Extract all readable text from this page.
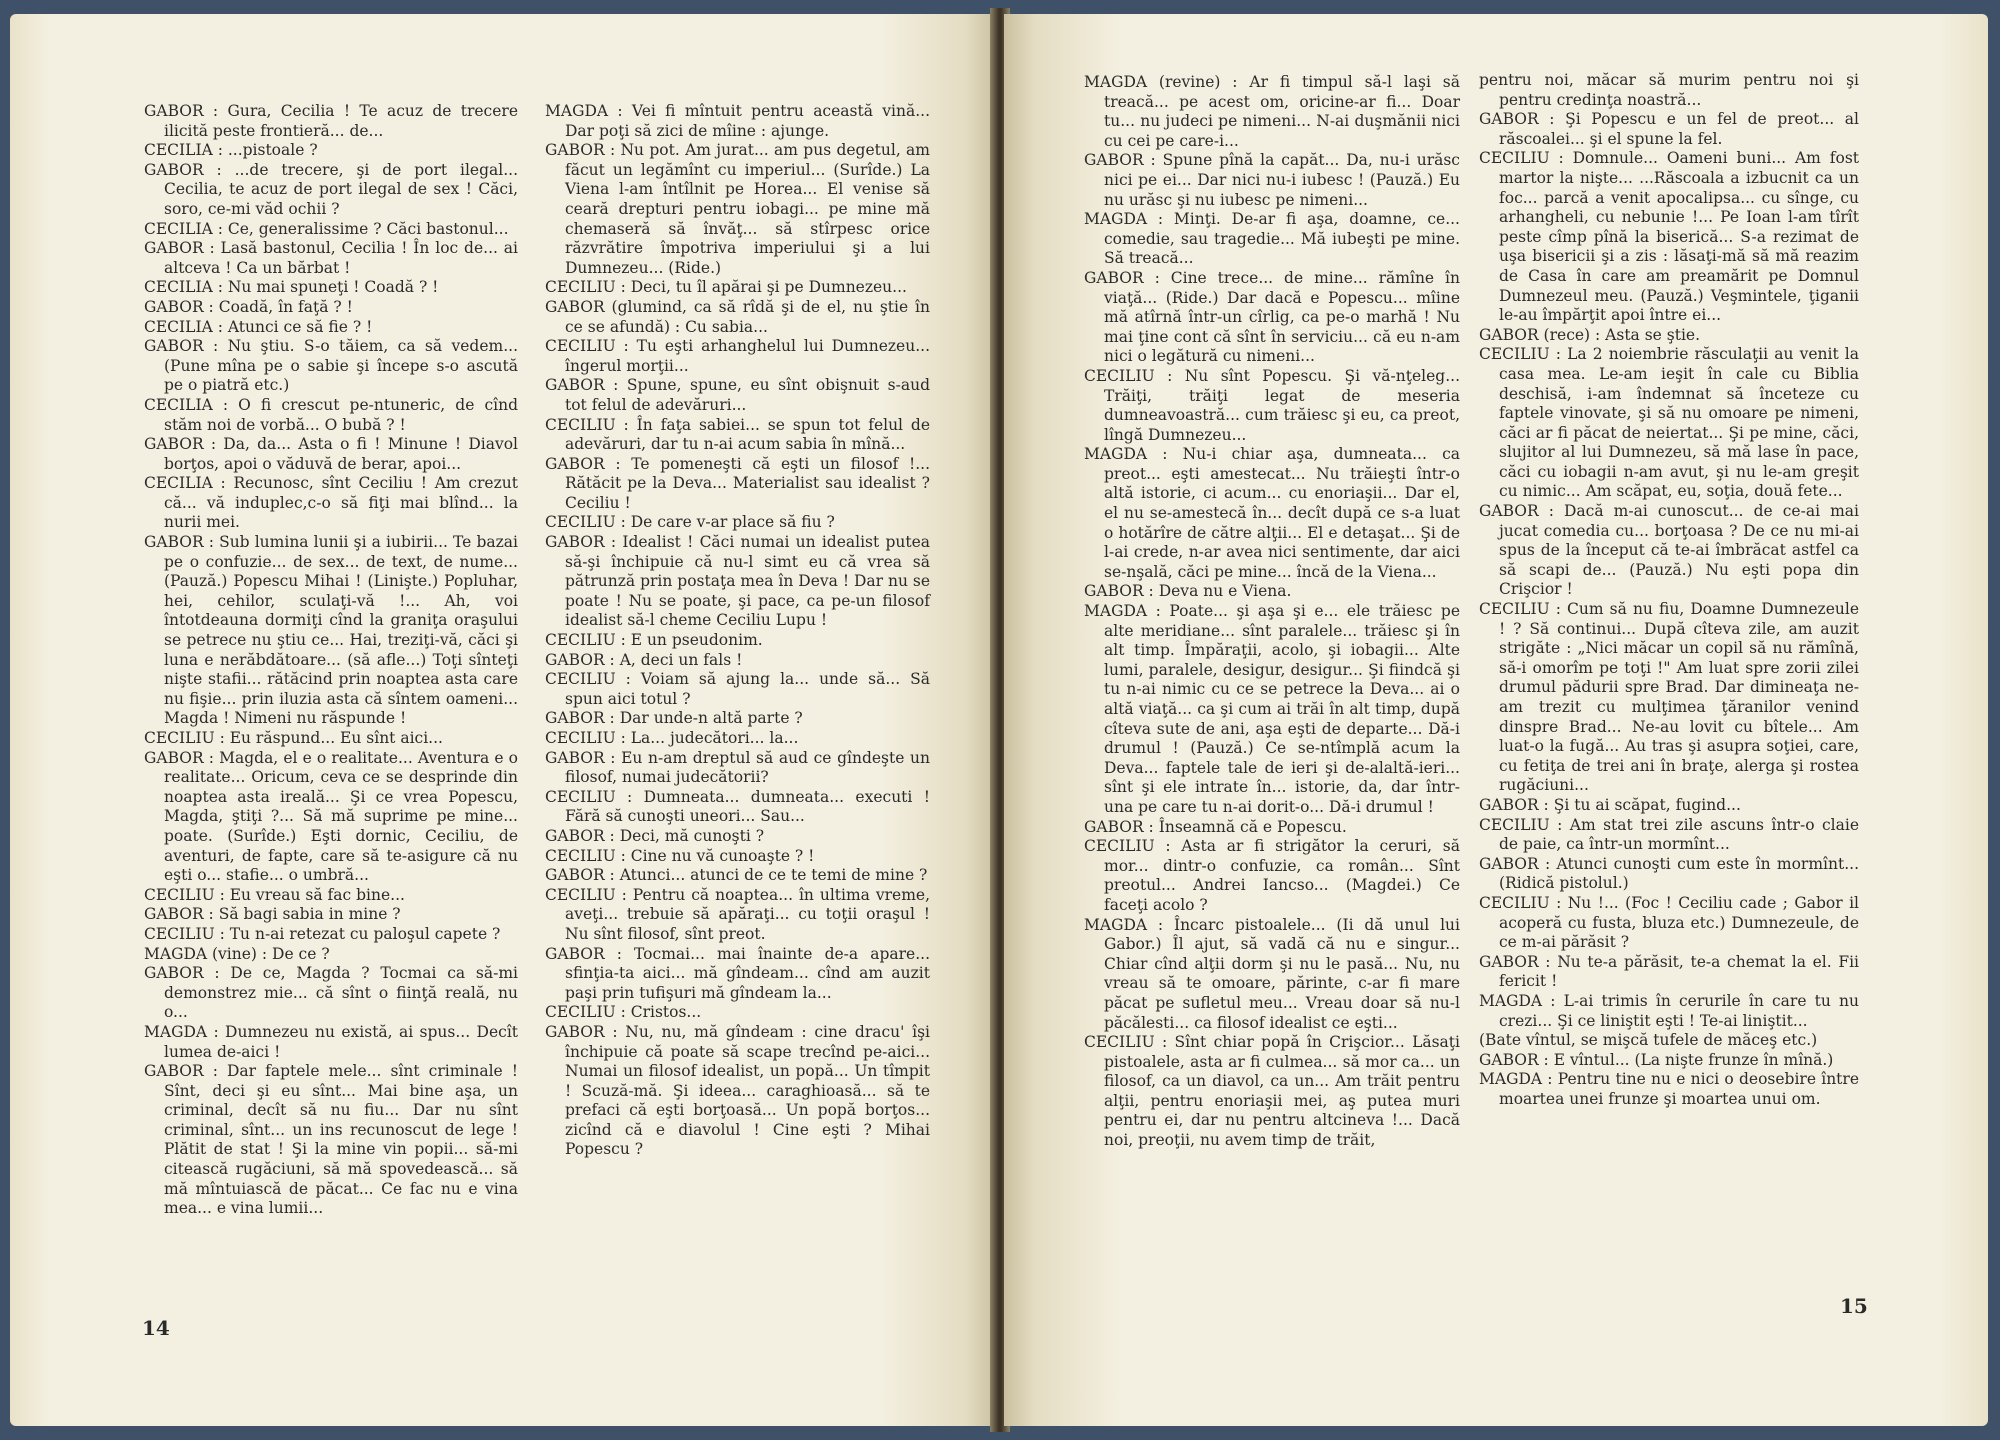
GABOR : Gura, Cecilia ! Te acuz de trecere ilicită peste frontieră... de...

CECILIA : ...pistoale ?

GABOR : ...de trecere, şi de port ilegal... Cecilia, te acuz de port ilegal de sex ! Căci, soro, ce-mi văd ochii ?

CECILIA : Ce, generalissime ? Căci bastonul...

GABOR : Lasă bastonul, Cecilia ! În loc de... ai altceva ! Ca un bărbat !

CECILIA : Nu mai spuneţi ! Coadă ? !

GABOR : Coadă, în faţă ? !

CECILIA : Atunci ce să fie ? !

GABOR : Nu ştiu. S-o tăiem, ca să vedem... (Pune mîna pe o sabie şi începe s-o ascută pe o piatră etc.)

CECILIA : O fi crescut pe-ntuneric, de cînd stăm noi de vorbă... O bubă ? !

GABOR : Da, da... Asta o fi ! Minune ! Diavol borţos, apoi o văduvă de berar, apoi...

CECILIA : Recunosc, sînt Ceciliu ! Am crezut că... vă induplec,c-o să fiţi mai blînd... la nurii mei.

GABOR : Sub lumina lunii şi a iubirii... Te bazai pe o confuzie... de sex... de text, de nume... (Pauză.) Popescu Mihai ! (Linişte.) Popluhar, hei, cehilor, sculaţi-vă !... Ah, voi întotdeauna dormiţi cînd la graniţa oraşului se petrece nu ştiu ce... Hai, treziţi-vă, căci şi luna e nerăbdătoare... (să afle...) Toţi sînteţi nişte stafii... rătăcind prin noaptea asta care nu fişie... prin iluzia asta că sîntem oameni... Magda ! Nimeni nu răspunde !

CECILIU : Eu răspund... Eu sînt aici...

GABOR : Magda, el e o realitate... Aventura e o realitate... Oricum, ceva ce se desprinde din noaptea asta ireală... Şi ce vrea Popescu, Magda, ştiţi ?... Să mă suprime pe mine... poate. (Surîde.) Eşti dornic, Ceciliu, de aventuri, de fapte, care să te-asigure că nu eşti o... stafie... o umbră...

CECILIU : Eu vreau să fac bine...

GABOR : Să bagi sabia in mine ?

CECILIU : Tu n-ai retezat cu paloşul capete ?

MAGDA (vine) : De ce ?

GABOR : De ce, Magda ? Tocmai ca să-mi demonstrez mie... că sînt o fiinţă reală, nu o...

MAGDA : Dumnezeu nu există, ai spus... Decît lumea de-aici !

GABOR : Dar faptele mele... sînt criminale ! Sînt, deci şi eu sînt... Mai bine aşa, un criminal, decît să nu fiu... Dar nu sînt criminal, sînt... un ins recunoscut de lege ! Plătit de stat ! Şi la mine vin popii... să-mi citească rugăciuni, să mă spovedească... să mă mîntuiască de păcat... Ce fac nu e vina mea... e vina lumii...

MAGDA : Vei fi mîntuit pentru această vină... Dar poţi să zici de mîine : ajunge.

GABOR : Nu pot. Am jurat... am pus degetul, am făcut un legămînt cu imperiul... (Surîde.) La Viena l-am întîlnit pe Horea... El venise să ceară drepturi pentru iobagi... pe mine mă chemaseră să învăţ... să stîrpesc orice răzvrătire împotriva imperiului şi a lui Dumnezeu... (Ride.)

CECILIU : Deci, tu îl apărai şi pe Dumnezeu...

GABOR (glumind, ca să rîdă şi de el, nu ştie în ce se afundă) : Cu sabia...

CECILIU : Tu eşti arhanghelul lui Dumnezeu... îngerul morţii...

GABOR : Spune, spune, eu sînt obişnuit s-aud tot felul de adevăruri...

CECILIU : În faţa sabiei... se spun tot felul de adevăruri, dar tu n-ai acum sabia în mînă...

GABOR : Te pomeneşti că eşti un filosof !... Rătăcit pe la Deva... Materialist sau idealist ? Ceciliu !

CECILIU : De care v-ar place să fiu ?

GABOR : Idealist ! Căci numai un idealist putea să-şi închipuie că nu-l simt eu că vrea să pătrunză prin postaţa mea în Deva ! Dar nu se poate ! Nu se poate, şi pace, ca pe-un filosof idealist să-l cheme Ceciliu Lupu !

CECILIU : E un pseudonim.

GABOR : A, deci un fals !

CECILIU : Voiam să ajung la... unde să... Să spun aici totul ?

GABOR : Dar unde-n altă parte ?

CECILIU : La... judecători... la...

GABOR : Eu n-am dreptul să aud ce gîndeşte un filosof, numai judecătorii?

CECILIU : Dumneata... dumneata... executi ! Fără să cunoşti uneori... Sau...

GABOR : Deci, mă cunoşti ?

CECILIU : Cine nu vă cunoaşte ? !

GABOR : Atunci... atunci de ce te temi de mine ?

CECILIU : Pentru că noaptea... în ultima vreme, aveţi... trebuie să apăraţi... cu toţii oraşul ! Nu sînt filosof, sînt preot.

GABOR : Tocmai... mai înainte de-a apare... sfinţia-ta aici... mă gîndeam... cînd am auzit paşi prin tufişuri mă gîndeam la...

CECILIU : Cristos...

GABOR : Nu, nu, mă gîndeam : cine dracu' îşi închipuie că poate să scape trecînd pe-aici... Numai un filosof idealist, un popă... Un tîmpit ! Scuză-mă. Şi ideea... caraghioasă... să te prefaci că eşti borţoasă... Un popă borţos... zicînd că e diavolul ! Cine eşti ? Mihai Popescu ?

14

MAGDA (revine) : Ar fi timpul să-l laşi să treacă... pe acest om, oricine-ar fi... Doar tu... nu judeci pe nimeni... N-ai duşmănii nici cu cei pe care-i...

GABOR : Spune pînă la capăt... Da, nu-i urăsc nici pe ei... Dar nici nu-i iubesc ! (Pauză.) Eu nu urăsc şi nu iubesc pe nimeni...

MAGDA : Minţi. De-ar fi aşa, doamne, ce... comedie, sau tragedie... Mă iubeşti pe mine. Să treacă...

GABOR : Cine trece... de mine... rămîne în viaţă... (Ride.) Dar dacă e Popescu... mîine mă atîrnă într-un cîrlig, ca pe-o marhă ! Nu mai ţine cont că sînt în serviciu... că eu n-am nici o legătură cu nimeni...

CECILIU : Nu sînt Popescu. Şi vă-nţeleg... Trăiţi, trăiţi legat de meseria dumneavoastră... cum trăiesc şi eu, ca preot, lîngă Dumnezeu...

MAGDA : Nu-i chiar aşa, dumneata... ca preot... eşti amestecat... Nu trăieşti într-o altă istorie, ci acum... cu enoriaşii... Dar el, el nu se-amestecă în... decît după ce s-a luat o hotărîre de către alţii... El e detaşat... Şi de l-ai crede, n-ar avea nici sentimente, dar aici se-nşală, căci pe mine... încă de la Viena...

GABOR : Deva nu e Viena.

MAGDA : Poate... şi aşa şi e... ele trăiesc pe alte meridiane... sînt paralele... trăiesc şi în alt timp. Împăraţii, acolo, şi iobagii... Alte lumi, paralele, desigur, desigur... Şi fiindcă şi tu n-ai nimic cu ce se petrece la Deva... ai o altă viaţă... ca şi cum ai trăi în alt timp, după cîteva sute de ani, aşa eşti de departe... Dă-i drumul ! (Pauză.) Ce se-ntîmplă acum la Deva... faptele tale de ieri şi de-alaltă-ieri... sînt şi ele intrate în... istorie, da, dar într-una pe care tu n-ai dorit-o... Dă-i drumul !

GABOR : Înseamnă că e Popescu.

CECILIU : Asta ar fi strigător la ceruri, să mor... dintr-o confuzie, ca român... Sînt preotul... Andrei Iancso... (Magdei.) Ce faceţi acolo ?

MAGDA : Încarc pistoalele... (Ii dă unul lui Gabor.) Îl ajut, să vadă că nu e singur... Chiar cînd alţii dorm şi nu le pasă... Nu, nu vreau să te omoare, părinte, c-ar fi mare păcat pe sufletul meu... Vreau doar să nu-l păcălesti... ca filosof idealist ce eşti...

CECILIU : Sînt chiar popă în Crişcior... Lăsaţi pistoalele, asta ar fi culmea... să mor ca... un filosof, ca un diavol, ca un... Am trăit pentru alţii, pentru enoriaşii mei, aş putea muri pentru ei, dar nu pentru altcineva !... Dacă noi, preoţii, nu avem timp de trăit,

pentru noi, măcar să murim pentru noi şi pentru credinţa noastră...

GABOR : Şi Popescu e un fel de preot... al răscoalei... şi el spune la fel.

CECILIU : Domnule... Oameni buni... Am fost martor la nişte... ...Răscoala a izbucnit ca un foc... parcă a venit apocalipsa... cu sînge, cu arhangheli, cu nebunie !... Pe Ioan l-am tîrît peste cîmp pînă la biserică... S-a rezimat de uşa bisericii şi a zis : lăsaţi-mă să mă reazim de Casa în care am preamărit pe Domnul Dumnezeul meu. (Pauză.) Veşmintele, ţiganii le-au împărţit apoi între ei...

GABOR (rece) : Asta se ştie.

CECILIU : La 2 noiembrie răsculaţii au venit la casa mea. Le-am ieşit în cale cu Biblia deschisă, i-am îndemnat să înceteze cu faptele vinovate, şi să nu omoare pe nimeni, căci ar fi păcat de neiertat... Şi pe mine, căci, slujitor al lui Dumnezeu, să mă lase în pace, căci cu iobagii n-am avut, şi nu le-am greşit cu nimic... Am scăpat, eu, soţia, două fete...

GABOR : Dacă m-ai cunoscut... de ce-ai mai jucat comedia cu... borţoasa ? De ce nu mi-ai spus de la început că te-ai îmbrăcat astfel ca să scapi de... (Pauză.) Nu eşti popa din Crişcior !

CECILIU : Cum să nu fiu, Doamne Dumnezeule ! ? Să continui... După cîteva zile, am auzit strigăte : „Nici măcar un copil să nu rămînă, să-i omorîm pe toţi !" Am luat spre zorii zilei drumul pădurii spre Brad. Dar dimineaţa ne-am trezit cu mulţimea ţăranilor venind dinspre Brad... Ne-au lovit cu bîtele... Am luat-o la fugă... Au tras şi asupra soţiei, care, cu fetiţa de trei ani în braţe, alerga şi rostea rugăciuni...

GABOR : Şi tu ai scăpat, fugind...

CECILIU : Am stat trei zile ascuns într-o claie de paie, ca într-un mormînt...

GABOR : Atunci cunoşti cum este în mormînt... (Ridică pistolul.)

CECILIU : Nu !... (Foc ! Ceciliu cade ; Gabor il acoperă cu fusta, bluza etc.) Dumnezeule, de ce m-ai părăsit ?

GABOR : Nu te-a părăsit, te-a chemat la el. Fii fericit !

MAGDA : L-ai trimis în cerurile în care tu nu crezi... Şi ce liniştit eşti ! Te-ai liniştit...

(Bate vîntul, se mişcă tufele de măceş etc.)

GABOR : E vîntul... (La nişte frunze în mînă.)

MAGDA : Pentru tine nu e nici o deosebire între moartea unei frunze şi moartea unui om.

15
